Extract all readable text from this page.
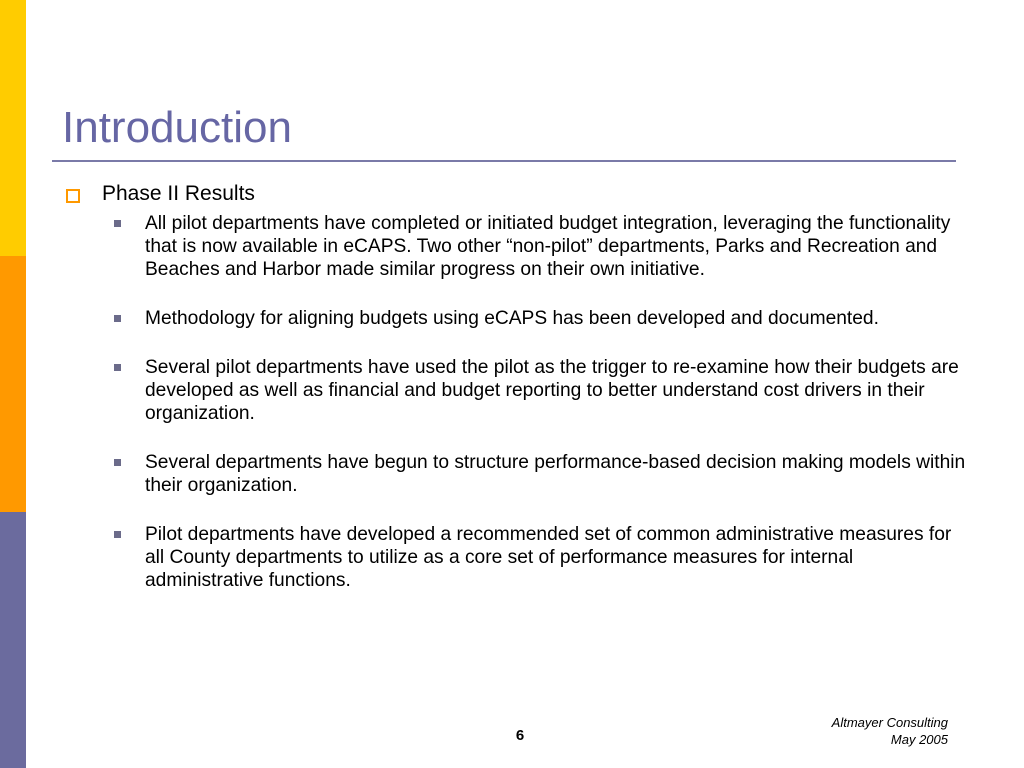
Introduction
Phase II Results
All pilot departments have completed or initiated budget integration, leveraging the functionality that is now available in eCAPS. Two other “non-pilot” departments, Parks and Recreation and Beaches and Harbor made similar progress on their own initiative.
Methodology for aligning budgets using eCAPS has been developed and documented.
Several pilot departments have used the pilot as the trigger to re-examine how their budgets are developed as well as financial and budget reporting to better understand cost drivers in their organization.
Several departments have begun to structure performance-based decision making models within their organization.
Pilot departments have developed a recommended set of common administrative measures for all County departments to utilize as a core set of performance measures for internal administrative functions.
6
Altmayer Consulting
May 2005
